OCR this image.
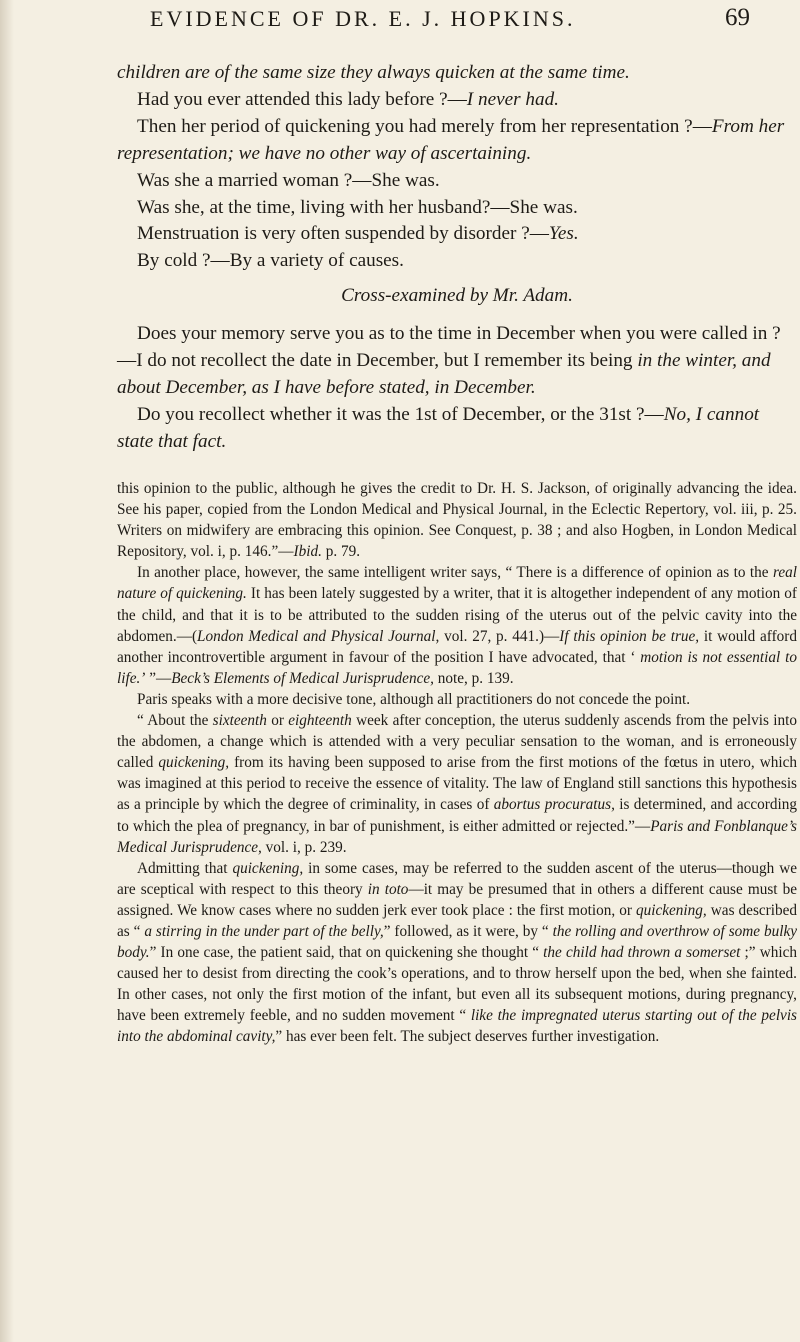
EVIDENCE OF DR. E. J. HOPKINS.	69

children are of the same size they always quicken at the same time.

Had you ever attended this lady before ?—I never had.

Then her period of quickening you had merely from her representation ?—From her representation; we have no other way of ascertaining.

Was she a married woman ?—She was.

Was she, at the time, living with her husband?—She was.

Menstruation is very often suspended by disorder ?—Yes.

By cold ?—By a variety of causes.

Cross-examined by Mr. Adam.

Does your memory serve you as to the time in December when you were called in ?—I do not recollect the date in December, but I remember its being in the winter, and about December, as I have before stated, in December.

Do you recollect whether it was the 1st of December, or the 31st ?—No, I cannot state that fact.

this opinion to the public, although he gives the credit to Dr. H. S. Jackson, of originally advancing the idea. See his paper, copied from the London Medical and Physical Journal, in the Eclectic Repertory, vol. iii, p. 25. Writers on midwifery are embracing this opinion. See Conquest, p. 38 ; and also Hogben, in London Medical Repository, vol. i, p. 146.”—Ibid. p. 79.

In another place, however, the same intelligent writer says, “ There is a difference of opinion as to the real nature of quickening. It has been lately suggested by a writer, that it is altogether independent of any motion of the child, and that it is to be attributed to the sudden rising of the uterus out of the pelvic cavity into the abdomen.—(London Medical and Physical Journal, vol. 27, p. 441.)—If this opinion be true, it would afford another incontrovertible argument in favour of the position I have advocated, that ‘ motion is not essential to life.’ ”—Beck’s Elements of Medical Jurisprudence, note, p. 139.

Paris speaks with a more decisive tone, although all practitioners do not concede the point.

“ About the sixteenth or eighteenth week after conception, the uterus suddenly ascends from the pelvis into the abdomen, a change which is attended with a very peculiar sensation to the woman, and is erroneously called quickening, from its having been supposed to arise from the first motions of the fœtus in utero, which was imagined at this period to receive the essence of vitality. The law of England still sanctions this hypothesis as a principle by which the degree of criminality, in cases of abortus procuratus, is determined, and according to which the plea of pregnancy, in bar of punishment, is either admitted or rejected.”—Paris and Fonblanque’s Medical Jurisprudence, vol. i, p. 239.

Admitting that quickening, in some cases, may be referred to the sudden ascent of the uterus—though we are sceptical with respect to this theory in toto—it may be presumed that in others a different cause must be assigned. We know cases where no sudden jerk ever took place : the first motion, or quickening, was described as “ a stirring in the under part of the belly,” followed, as it were, by “ the rolling and overthrow of some bulky body.” In one case, the patient said, that on quickening she thought “ the child had thrown a somerset ;” which caused her to desist from directing the cook’s operations, and to throw herself upon the bed, when she fainted. In other cases, not only the first motion of the infant, but even all its subsequent motions, during pregnancy, have been extremely feeble, and no sudden movement “ like the impregnated uterus starting out of the pelvis into the abdominal cavity,” has ever been felt. The subject deserves further investigation.
